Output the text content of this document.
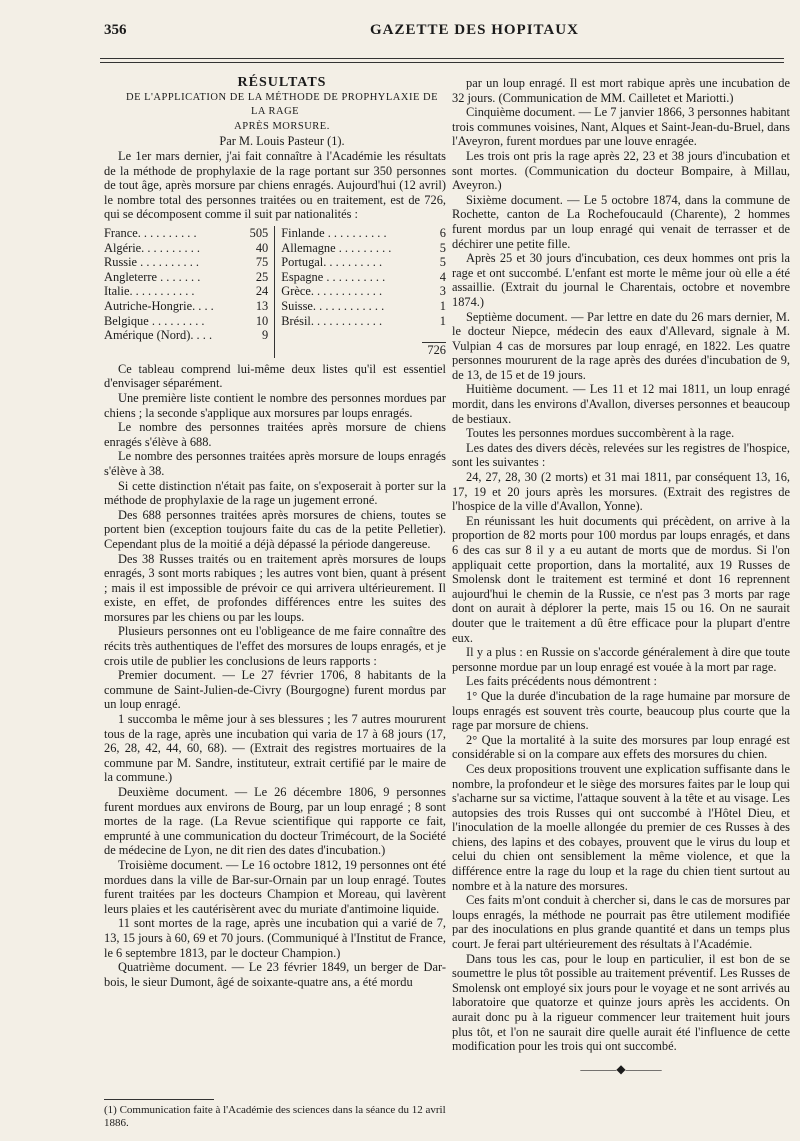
356	GAZETTE DES HOPITAUX

RÉSULTATS

DE L'APPLICATION DE LA MÉTHODE DE PROPHYLAXIE DE LA RAGE

APRÈS MORSURE.

Par M. Louis Pasteur (1).

Le 1er mars dernier, j'ai fait connaître à l'Académie les résultats de la méthode de prophylaxie de la rage portant sur 350 personnes de tout âge, après morsure par chiens enragés. Aujourd'hui (12 avril) le nombre total des personnes traitées ou en traitement, est de 726, qui se décomposent comme il suit par nationalités :

France. . . . . . . . . .	505	Finlande . . . . . . . . . .	6
Algérie. . . . . . . . . .	40	Allemagne . . . . . . . . .	5
Russie . . . . . . . . . .	75	Portugal. . . . . . . . . .	5
Angleterre . . . . . . .	25	Espagne . . . . . . . . . .	4
Italie. . . . . . . . . . .	24	Grèce. . . . . . . . . . . .	3
Autriche-Hongrie. . . .	13	Suisse. . . . . . . . . . . .	1
Belgique . . . . . . . . .	10	Brésil. . . . . . . . . . . .	1
Amérique (Nord). . . .	9		
			726

Ce tableau comprend lui-même deux listes qu'il est essentiel d'envisager séparément.

Une première liste contient le nombre des personnes mordues par chiens ; la seconde s'applique aux morsures par loups enragés.

Le nombre des personnes traitées après morsure de chiens enragés s'élève à 688.

Le nombre des personnes traitées après morsure de loups enragés s'élève à 38.

Si cette distinction n'était pas faite, on s'exposerait à porter sur la méthode de prophylaxie de la rage un jugement erroné.

Des 688 personnes traitées après morsures de chiens, toutes se portent bien (exception toujours faite du cas de la petite Pelletier). Cependant plus de la moitié a déjà dépassé la période dangereuse.

Des 38 Russes traités ou en traitement après morsures de loups enragés, 3 sont morts rabiques ; les autres vont bien, quant à présent ; mais il est impossible de prévoir ce qui arrivera ultérieurement. Il existe, en effet, de profondes différences entre les suites des morsures par les chiens ou par les loups.

Plusieurs personnes ont eu l'obligeance de me faire connaître des récits très authentiques de l'effet des morsures de loups enragés, et je crois utile de publier les conclusions de leurs rapports :

Premier document. — Le 27 février 1706, 8 habitants de la commune de Saint-Julien-de-Civry (Bourgogne) furent mordus par un loup enragé.

1 succomba le même jour à ses blessures ; les 7 autres moururent tous de la rage, après une incubation qui varia de 17 à 68 jours (17, 26, 28, 42, 44, 60, 68). — (Extrait des registres mortuaires de la commune par M. Sandre, instituteur, extrait certifié par le maire de la commune.)

Deuxième document. — Le 26 décembre 1806, 9 personnes furent mordues aux environs de Bourg, par un loup enragé ; 8 sont mortes de la rage. (La Revue scientifique qui rapporte ce fait, emprunté à une communication du docteur Trimécourt, de la Société de médecine de Lyon, ne dit rien des dates d'incubation.)

Troisième document. — Le 16 octobre 1812, 19 personnes ont été mordues dans la ville de Bar-sur-Ornain par un loup enragé. Toutes furent traitées par les docteurs Champion et Moreau, qui lavèrent leurs plaies et les cautérisèrent avec du muriate d'antimoine liquide.

11 sont mortes de la rage, après une incubation qui a varié de 7, 13, 15 jours à 60, 69 et 70 jours. (Communiqué à l'Institut de France, le 6 septembre 1813, par le docteur Champion.)

Quatrième document. — Le 23 février 1849, un berger de Dar-bois, le sieur Dumont, âgé de soixante-quatre ans, a été mordu

par un loup enragé. Il est mort rabique après une incubation de 32 jours. (Communication de MM. Cailletet et Mariotti.)

Cinquième document. — Le 7 janvier 1866, 3 personnes habitant trois communes voisines, Nant, Alques et Saint-Jean-du-Bruel, dans l'Aveyron, furent mordues par une louve enragée.

Les trois ont pris la rage après 22, 23 et 38 jours d'incubation et sont mortes. (Communication du docteur Bompaire, à Millau, Aveyron.)

Sixième document. — Le 5 octobre 1874, dans la commune de Rochette, canton de La Rochefoucauld (Charente), 2 hommes furent mordus par un loup enragé qui venait de terrasser et de déchirer une petite fille.

Après 25 et 30 jours d'incubation, ces deux hommes ont pris la rage et ont succombé. L'enfant est morte le même jour où elle a été assaillie. (Extrait du journal le Charentais, octobre et novembre 1874.)

Septième document. — Par lettre en date du 26 mars dernier, M. le docteur Niepce, médecin des eaux d'Allevard, signale à M. Vulpian 4 cas de morsures par loup enragé, en 1822. Les quatre personnes moururent de la rage après des durées d'incubation de 9, de 13, de 15 et de 19 jours.

Huitième document. — Les 11 et 12 mai 1811, un loup enragé mordit, dans les environs d'Avallon, diverses personnes et beaucoup de bestiaux.

Toutes les personnes mordues succombèrent à la rage.

Les dates des divers décès, relevées sur les registres de l'hospice, sont les suivantes :

24, 27, 28, 30 (2 morts) et 31 mai 1811, par conséquent 13, 16, 17, 19 et 20 jours après les morsures. (Extrait des registres de l'hospice de la ville d'Avallon, Yonne).

En réunissant les huit documents qui précèdent, on arrive à la proportion de 82 morts pour 100 mordus par loups enragés, et dans 6 des cas sur 8 il y a eu autant de morts que de mordus. Si l'on appliquait cette proportion, dans la mortalité, aux 19 Russes de Smolensk dont le traitement est terminé et dont 16 reprennent aujourd'hui le chemin de la Russie, ce n'est pas 3 morts par rage dont on aurait à déplorer la perte, mais 15 ou 16. On ne saurait douter que le traitement a dû être efficace pour la plupart d'entre eux.

Il y a plus : en Russie on s'accorde généralement à dire que toute personne mordue par un loup enragé est vouée à la mort par rage.

Les faits précédents nous démontrent :

1° Que la durée d'incubation de la rage humaine par morsure de loups enragés est souvent très courte, beaucoup plus courte que la rage par morsure de chiens.

2° Que la mortalité à la suite des morsures par loup enragé est considérable si on la compare aux effets des morsures du chien.

Ces deux propositions trouvent une explication suffisante dans le nombre, la profondeur et le siège des morsures faites par le loup qui s'acharne sur sa victime, l'attaque souvent à la tête et au visage. Les autopsies des trois Russes qui ont succombé à l'Hôtel Dieu, et l'inoculation de la moelle allongée du premier de ces Russes à des chiens, des lapins et des cobayes, prouvent que le virus du loup et celui du chien ont sensiblement la même violence, et que la différence entre la rage du loup et la rage du chien tient surtout au nombre et à la nature des morsures.

Ces faits m'ont conduit à chercher si, dans le cas de morsures par loups enragés, la méthode ne pourrait pas être utilement modifiée par des inoculations en plus grande quantité et dans un temps plus court. Je ferai part ultérieurement des résultats à l'Académie.

Dans tous les cas, pour le loup en particulier, il est bon de se soumettre le plus tôt possible au traitement préventif. Les Russes de Smolensk ont employé six jours pour le voyage et ne sont arrivés au laboratoire que quatorze et quinze jours après les accidents. On aurait donc pu à la rigueur commencer leur traitement huit jours plus tôt, et l'on ne saurait dire quelle aurait été l'influence de cette modification pour les trois qui ont succombé.

———◆———
(1) Communication faite à l'Académie des sciences dans la séance du 12 avril 1886.
